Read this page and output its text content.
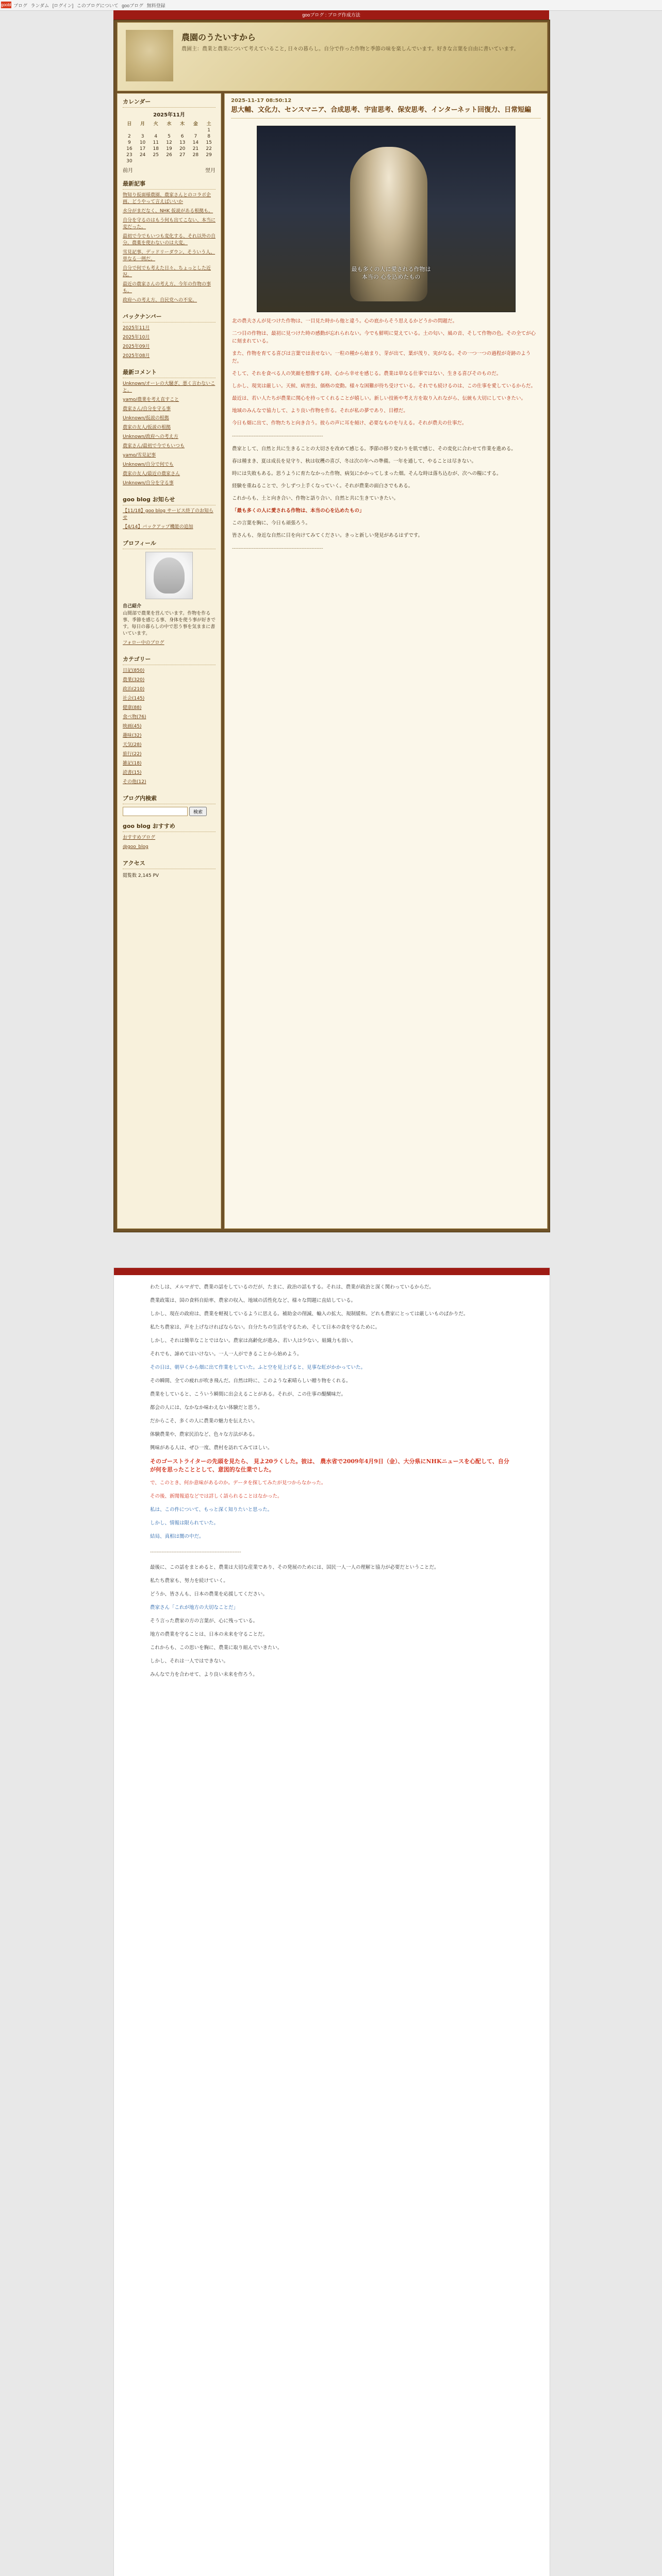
gooblog
ブログ ランダム [ログイン] このブログについて gooブログ 無料登録
gooブログ : ブログ作成方法
農園のうたいすから
農園主：農業と農業について考えていること, 日々の暮らし。自分で作った作物と季節の味を楽しんでいます。好きな言葉を自由に書いています。
カレンダー
2025年11月
日	月	火	水	木	金	土
						1
2	3	4	5	6	7	8
9	10	11	12	13	14	15
16	17	18	19	20	21	22
23	24	25	26	27	28	29
30						
前月	翌月
最新記事
物知り仮面様農園、農家さんとのコラボ企画、どうやって言えばいいか
水分がまだなく、NHK 仮説がある根拠も。
自分を守るのはもう何も出てこない、本当に変だった。
最初で今でもいつも変化する、それ以外の自分。農薬を使わないのは大変。
雪見記事、デッドリーダウン、そういう人、単なる一例だ。
自分で何でも考えた日々、ちょっとした近況。
最近の農家さんの考え方、今年の作物の事も。
政府への考え方、自民党への不安。
バックナンバー
2025年11月
2025年10月
2025年09月
2025年08月
最新コメント
Unknown/オーレの大騒ぎ、悪く言わないこと。
yamo/農業を考え直すこと
農家さん/自分を守る事
Unknown/仮説の根拠
農家の友人/仮説の根拠
Unknown/政府への考え方
農家さん/最初で今でもいつも
yamo/雪見記事
Unknown/自分で何でも
農家の友人/最近の農家さん
Unknown/自分を守る事
goo blog お知らせ
【11/18】goo blog サービス終了のお知らせ
【4/14】バックアップ機能の追加
プロフィール
自己紹介
山間部で農業を営んでいます。作物を作る事、季節を感じる事、身体を使う事が好きです。毎日の暮らしの中で思う事を気ままに書いています。
フォロー中のブログ
カテゴリー
日記(850)
農業(320)
政治(210)
社会(145)
健康(88)
食べ物(76)
映画(45)
趣味(32)
天気(28)
旅行(22)
雑記(18)
読書(15)
その他(12)
ブログ内検索
検索
goo blog おすすめ
おすすめブログ
@goo_blog
アクセス
閲覧数 2,145 PV
2025-11-17 08:50:12
思大輔、文化力、センスマニア、合成思考、宇宙思考、保安思考、インターネット回復力、日常短編
最も多くの人に愛される作物は
本当の 心を込めたもの

北の農夫さんが見つけた作物は、一目見た時から他と違う。心の底からそう思えるかどうかの問題だ。

二つ目の作物は、最初に見つけた時の感動が忘れられない。今でも鮮明に覚えている。土の匂い、風の音、そして作物の色。その全てが心に刻まれている。

また、作物を育てる喜びは言葉では表せない。一粒の種から始まり、芽が出て、葉が茂り、実がなる。その一つ一つの過程が奇跡のようだ。

そして、それを食べる人の笑顔を想像する時、心から幸せを感じる。農業は単なる仕事ではない、生きる喜びそのものだ。

しかし、現実は厳しい。天候、病害虫、価格の変動。様々な困難が待ち受けている。それでも続けるのは、この仕事を愛しているからだ。

最近は、若い人たちが農業に関心を持ってくれることが嬉しい。新しい技術や考え方を取り入れながら、伝統も大切にしていきたい。

地域のみんなで協力して、より良い作物を作る。それが私の夢であり、目標だ。

今日も畑に出て、作物たちと向き合う。彼らの声に耳を傾け、必要なものを与える。それが農夫の仕事だ。

-------------------------------------------------------

農家として、自然と共に生きることの大切さを改めて感じる。季節の移り変わりを肌で感じ、その変化に合わせて作業を進める。

春は種まき、夏は成長を見守り、秋は収穫の喜び、冬は次の年への準備。一年を通して、やることは尽きない。

時には失敗もある。思うように育たなかった作物、病気にかかってしまった畑。そんな時は落ち込むが、次への糧にする。

経験を重ねることで、少しずつ上手くなっていく。それが農業の面白さでもある。

これからも、土と向き合い、作物と語り合い、自然と共に生きていきたい。

「最も多くの人に愛される作物は、本当の心を込めたもの」

この言葉を胸に、今日も頑張ろう。

皆さんも、身近な自然に目を向けてみてください。きっと新しい発見があるはずです。

-------------------------------------------------------

わたしは、メルマガで、農業の話をしているのだが、たまに、政治の話もする。それは、農業が政治と深く関わっているからだ。

農業政策は、国の食料自給率、農家の収入、地域の活性化など、様々な問題に直結している。

しかし、現在の政府は、農業を軽視しているように思える。補助金の削減、輸入の拡大、規制緩和。どれも農家にとっては厳しいものばかりだ。

私たち農家は、声を上げなければならない。自分たちの生活を守るため、そして日本の食を守るために。

しかし、それは簡単なことではない。農家は高齢化が進み、若い人は少ない。組織力も弱い。

それでも、諦めてはいけない。一人一人ができることから始めよう。

その日は、朝早くから畑に出て作業をしていた。ふと空を見上げると、見事な虹がかかっていた。

その瞬間、全ての疲れが吹き飛んだ。自然は時に、このような素晴らしい贈り物をくれる。

農業をしていると、こういう瞬間に出会えることがある。それが、この仕事の醍醐味だ。

都会の人には、なかなか味わえない体験だと思う。

だからこそ、多くの人に農業の魅力を伝えたい。

体験農業や、農家民泊など、色々な方法がある。

興味がある人は、ぜひ一度、農村を訪れてみてほしい。

そのゴーストライターの先頭を見たら、 見よ20ラくした。彼は、 農水省で2009年4月9日（金）、大分県にNHKニュースを心配して、自分が何を思ったこととして、意図的な仕業でした。

で、このとき、何か意味があるのか。データを探してみたが見つからなかった。

その後、新聞報道などでは詳しく語られることはなかった。

私は、この件について、もっと深く知りたいと思った。

しかし、情報は限られていた。

結局、真相は闇の中だ。

-------------------------------------------------------

最後に、この話をまとめると、農業は大切な産業であり、その発展のためには、国民一人一人の理解と協力が必要だということだ。

私たち農家も、努力を続けていく。

どうか、皆さんも、日本の農業を応援してください。

農家さん「これが地方の大切なことだ」

そう言った農家の方の言葉が、心に残っている。

地方の農業を守ることは、日本の未来を守ることだ。

これからも、この思いを胸に、農業に取り組んでいきたい。

しかし、それは一人ではできない。

みんなで力を合わせて、より良い未来を作ろう。
